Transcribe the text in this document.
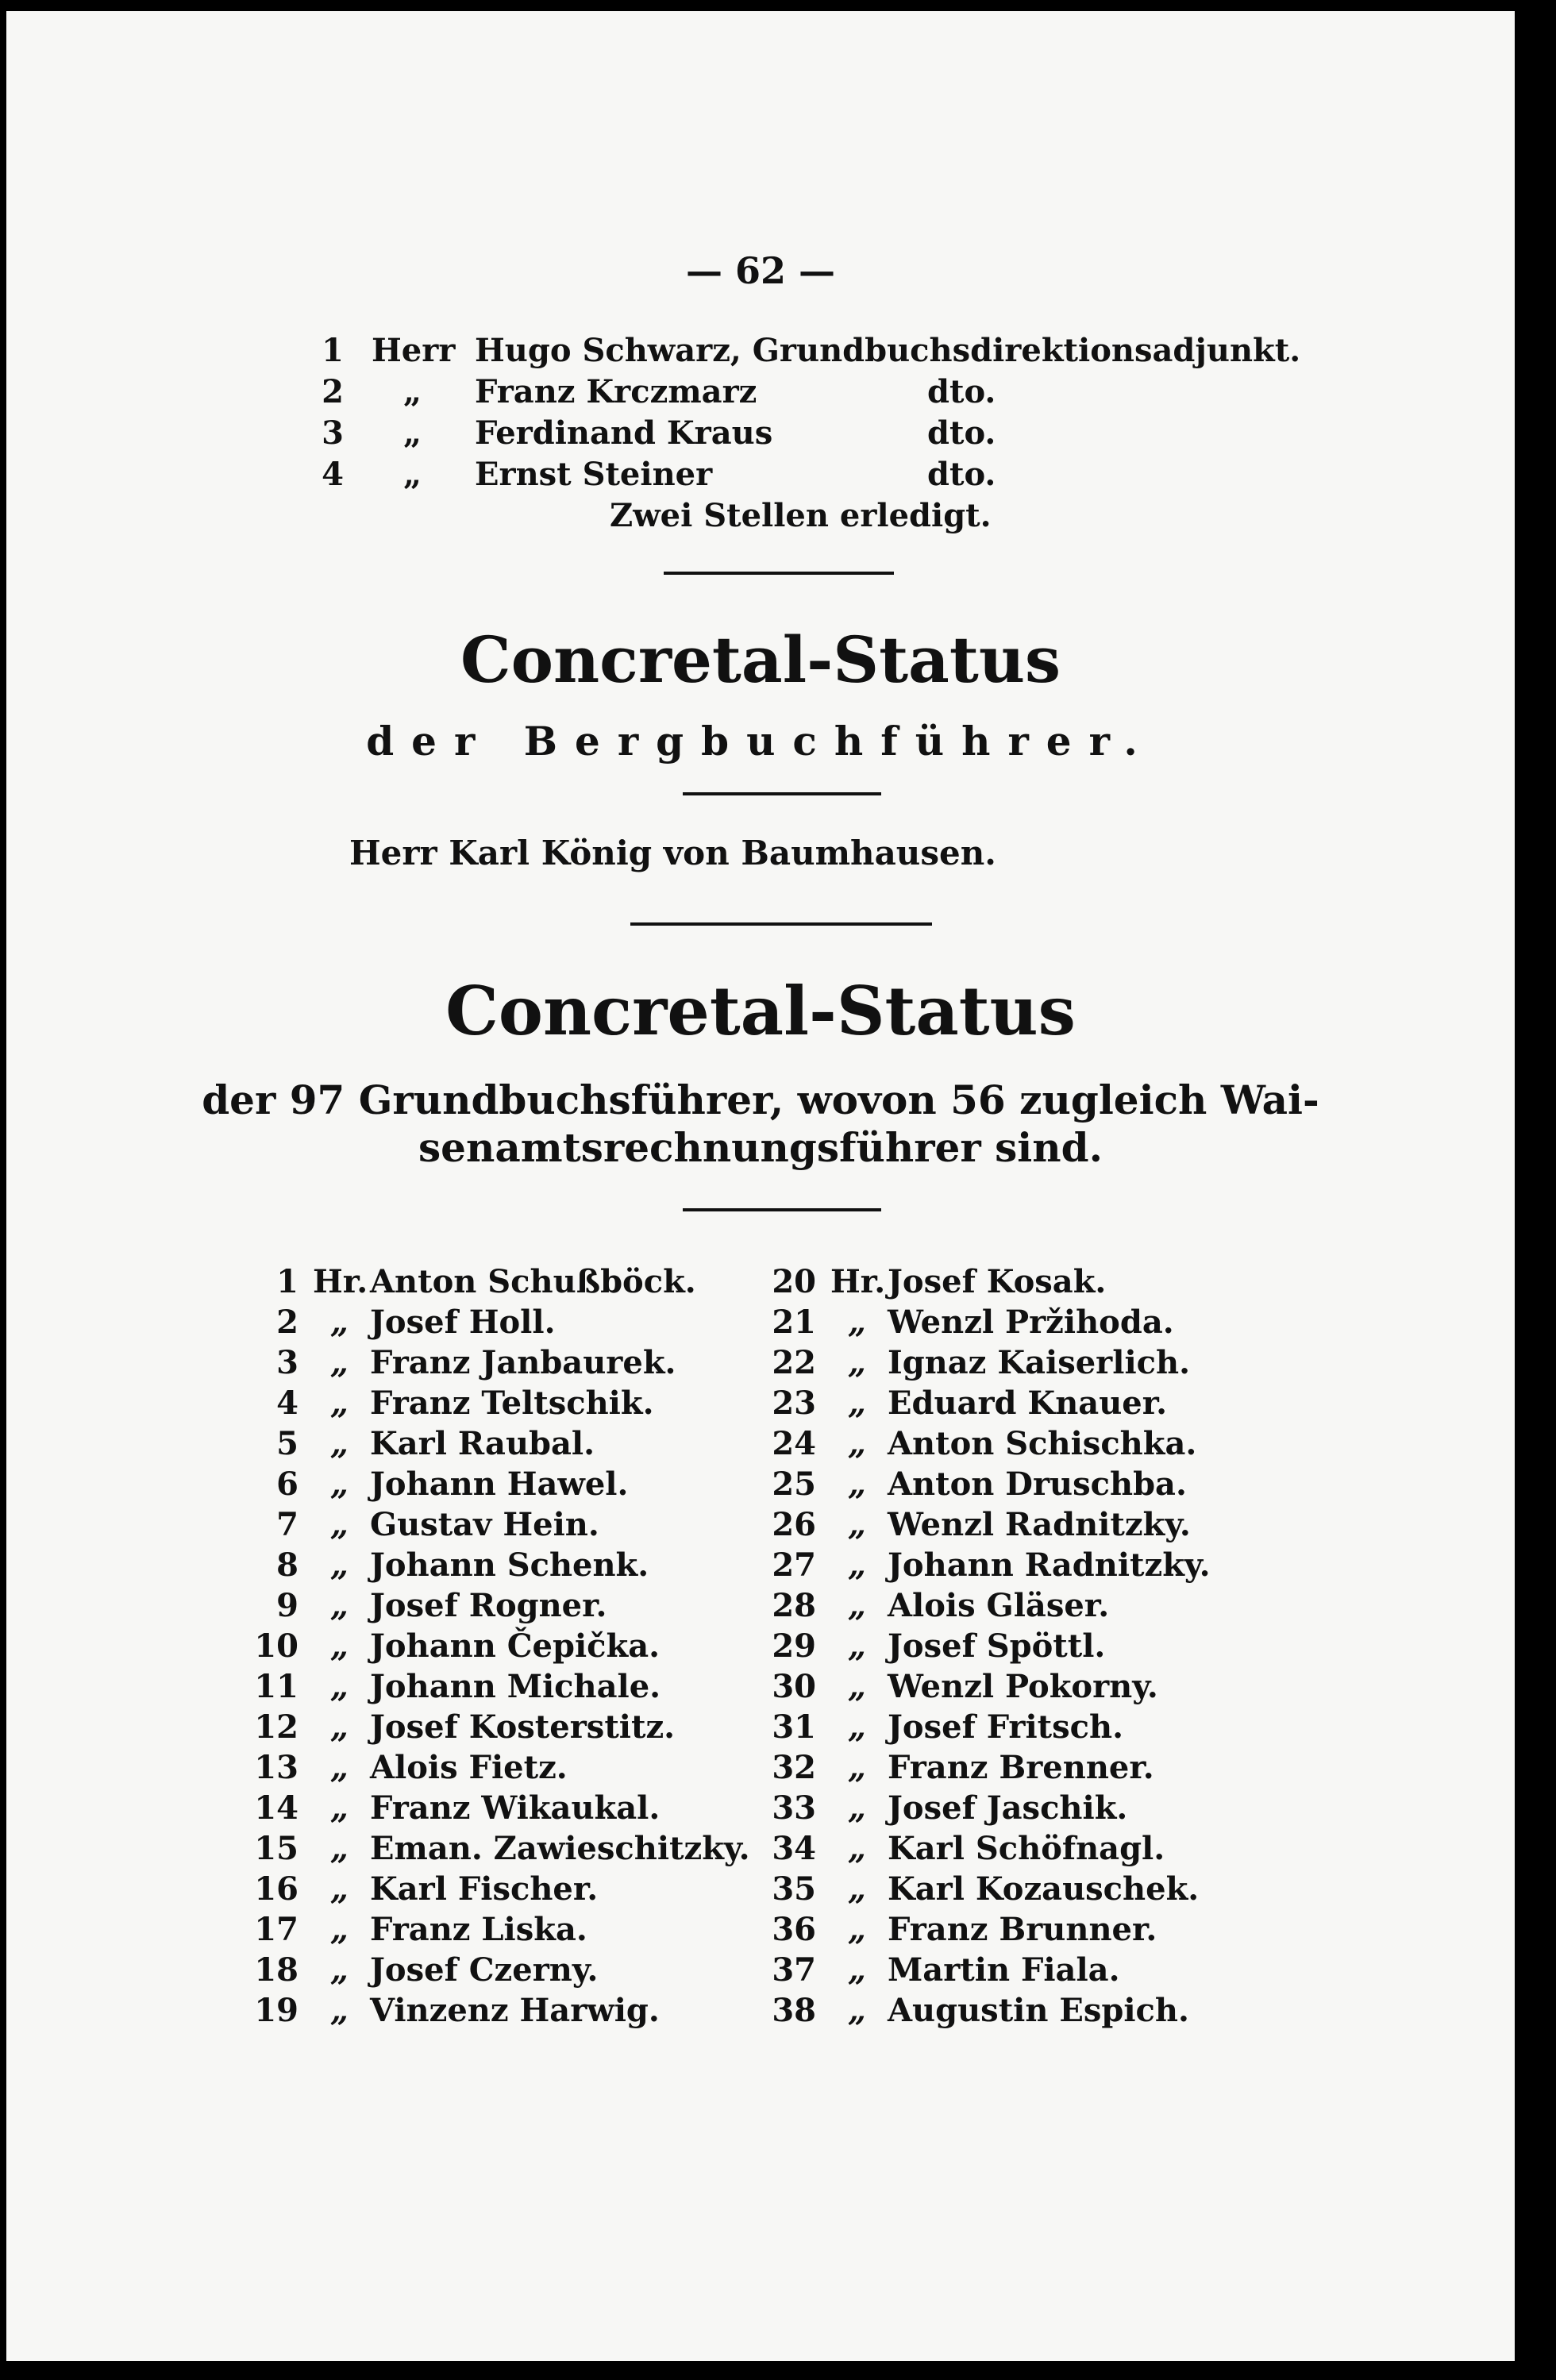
— 62 —
1 Herr Hugo Schwarz, Grundbuchsdirektionsadjunkt.
2 „ Franz Krczmarz	dto.
3 „ Ferdinand Kraus	dto.
4 „ Ernst Steiner	dto.
Zwei Stellen erledigt.
Concretal-Status
der Bergbuchführer.
Herr Karl König von Baumhausen.
Concretal-Status
der 97 Grundbuchsführer, wovon 56 zugleich Wai-
senamtsrechnungsführer sind.
1 Hr. Anton Schußböck.
2 „ Josef Holl.
3 „ Franz Janbaurek.
4 „ Franz Teltschik.
5 „ Karl Raubal.
6 „ Johann Hawel.
7 „ Gustav Hein.
8 „ Johann Schenk.
9 „ Josef Rogner.
10 „ Johann Čepička.
11 „ Johann Michale.
12 „ Josef Kosterstitz.
13 „ Alois Fietz.
14 „ Franz Wikaukal.
15 „ Eman. Zawieschitzky.
16 „ Karl Fischer.
17 „ Franz Liska.
18 „ Josef Czerny.
19 „ Vinzenz Harwig.
20 Hr. Josef Kosak.
21 „ Wenzl Pržihoda.
22 „ Ignaz Kaiserlich.
23 „ Eduard Knauer.
24 „ Anton Schischka.
25 „ Anton Druschba.
26 „ Wenzl Radnitzky.
27 „ Johann Radnitzky.
28 „ Alois Gläser.
29 „ Josef Spöttl.
30 „ Wenzl Pokorny.
31 „ Josef Fritsch.
32 „ Franz Brenner.
33 „ Josef Jaschik.
34 „ Karl Schöfnagl.
35 „ Karl Kozauschek.
36 „ Franz Brunner.
37 „ Martin Fiala.
38 „ Augustin Espich.
